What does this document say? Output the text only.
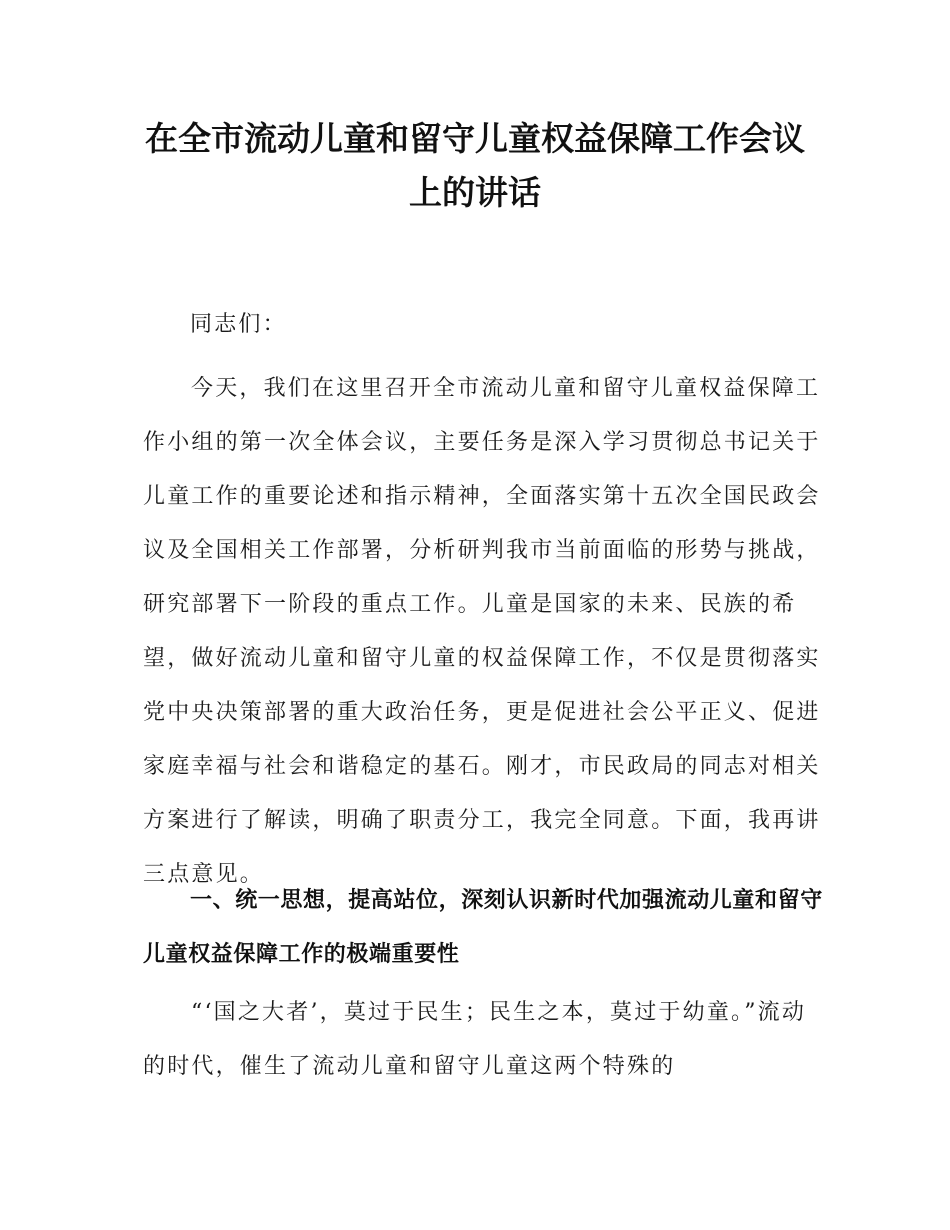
在全市流动儿童和留守儿童权益保障工作会议上的讲话

同志们：

今天，我们在这里召开全市流动儿童和留守儿童权益保障工作小组的第一次全体会议，主要任务是深入学习贯彻总书记关于儿童工作的重要论述和指示精神，全面落实第十五次全国民政会议及全国相关工作部署，分析研判我市当前面临的形势与挑战，研究部署下一阶段的重点工作。儿童是国家的未来、民族的希望，做好流动儿童和留守儿童的权益保障工作，不仅是贯彻落实党中央决策部署的重大政治任务，更是促进社会公平正义、促进家庭幸福与社会和谐稳定的基石。刚才，市民政局的同志对相关方案进行了解读，明确了职责分工，我完全同意。下面，我再讲三点意见。

一、统一思想，提高站位，深刻认识新时代加强流动儿童和留守儿童权益保障工作的极端重要性

“‘国之大者’，莫过于民生；民生之本，莫过于幼童。”流动的时代，催生了流动儿童和留守儿童这两个特殊的
